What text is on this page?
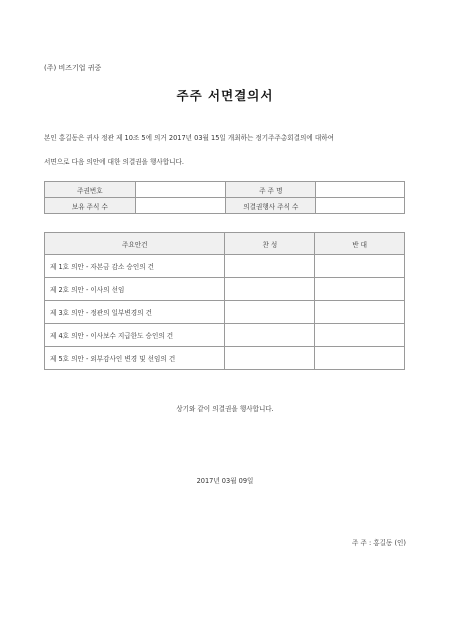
(주) 비즈기업 귀중
주주 서면결의서
본인 홍길동은 귀사 정관 제 10조 5에 의거 2017년 03월 15일 개최하는 정기주주총회결의에 대하여
서면으로 다음 의안에 대한 의결권을 행사합니다.
주권번호		주 주 명	
보유 주식 수		의결권행사 주식 수	
주요안건	찬 성	반 대
제 1호 의안 - 자본금 감소 승인의 건		
제 2호 의안 - 이사의 선임		
제 3호 의안 - 정관의 일부변경의 건		
제 4호 의안 - 이사보수 지급한도 승인의 건		
제 5호 의안 - 외부감사인 변경 및 선임의 건		
상기와 같이 의결권을 행사합니다.
2017년 03월 09일
주 주 : 홍길동 (인)
